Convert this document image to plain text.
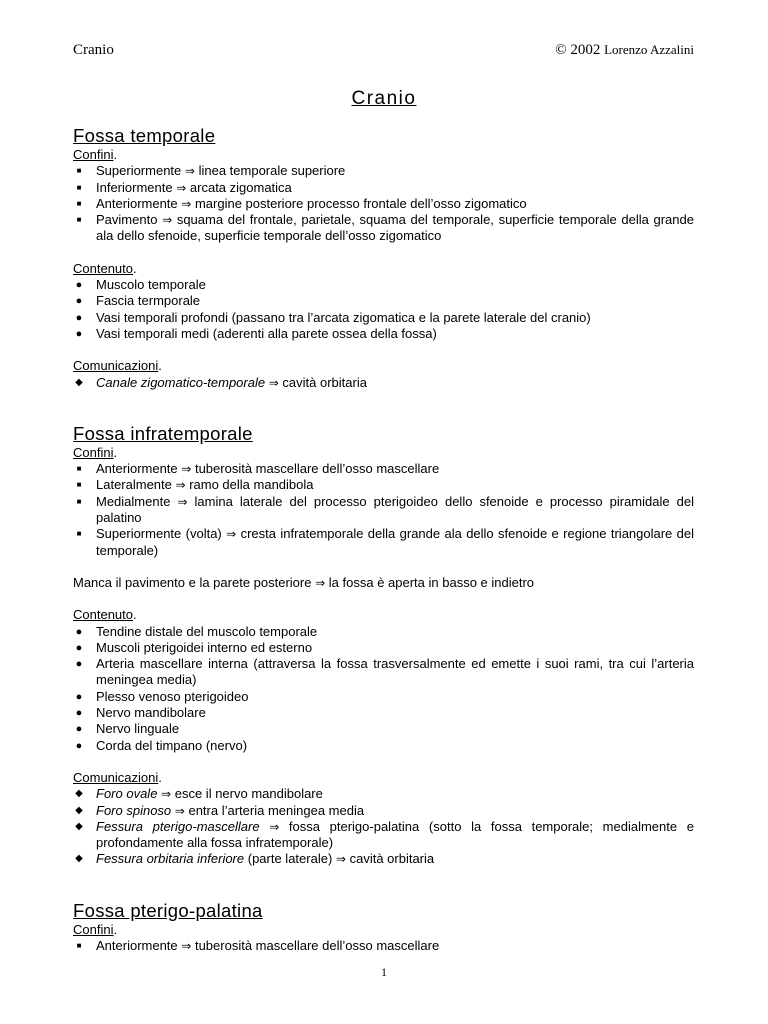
Cranio	© 2002 Lorenzo Azzalini
Cranio
Fossa temporale
Confini.
■ Superiormente ⇒ linea temporale superiore
■ Inferiormente ⇒ arcata zigomatica
■ Anteriormente ⇒ margine posteriore processo frontale dell’osso zigomatico
■ Pavimento ⇒ squama del frontale, parietale, squama del temporale, superficie temporale della grande ala dello sfenoide, superficie temporale dell’osso zigomatico
Contenuto.
● Muscolo temporale
● Fascia termporale
● Vasi temporali profondi (passano tra l’arcata zigomatica e la parete laterale del cranio)
● Vasi temporali medi (aderenti alla parete ossea della fossa)
Comunicazioni.
◆ Canale zigomatico-temporale ⇒ cavità orbitaria
Fossa infratemporale
Confini.
■ Anteriormente ⇒ tuberosità mascellare dell’osso mascellare
■ Lateralmente ⇒ ramo della mandibola
■ Medialmente ⇒ lamina laterale del processo pterigoideo dello sfenoide e processo piramidale del palatino
■ Superiormente (volta) ⇒ cresta infratemporale della grande ala dello sfenoide e regione triangolare del temporale)
Manca il pavimento e la parete posteriore ⇒ la fossa è aperta in basso e indietro
Contenuto.
● Tendine distale del muscolo temporale
● Muscoli pterigoidei interno ed esterno
● Arteria mascellare interna (attraversa la fossa trasversalmente ed emette i suoi rami, tra cui l’arteria meningea media)
● Plesso venoso pterigoideo
● Nervo mandibolare
● Nervo linguale
● Corda del timpano (nervo)
Comunicazioni.
◆ Foro ovale ⇒ esce il nervo mandibolare
◆ Foro spinoso ⇒ entra l’arteria meningea media
◆ Fessura pterigo-mascellare ⇒ fossa pterigo-palatina (sotto la fossa temporale; medialmente e profondamente alla fossa infratemporale)
◆ Fessura orbitaria inferiore (parte laterale) ⇒ cavità orbitaria
Fossa pterigo-palatina
Confini.
■ Anteriormente ⇒ tuberosità mascellare dell’osso mascellare
1
